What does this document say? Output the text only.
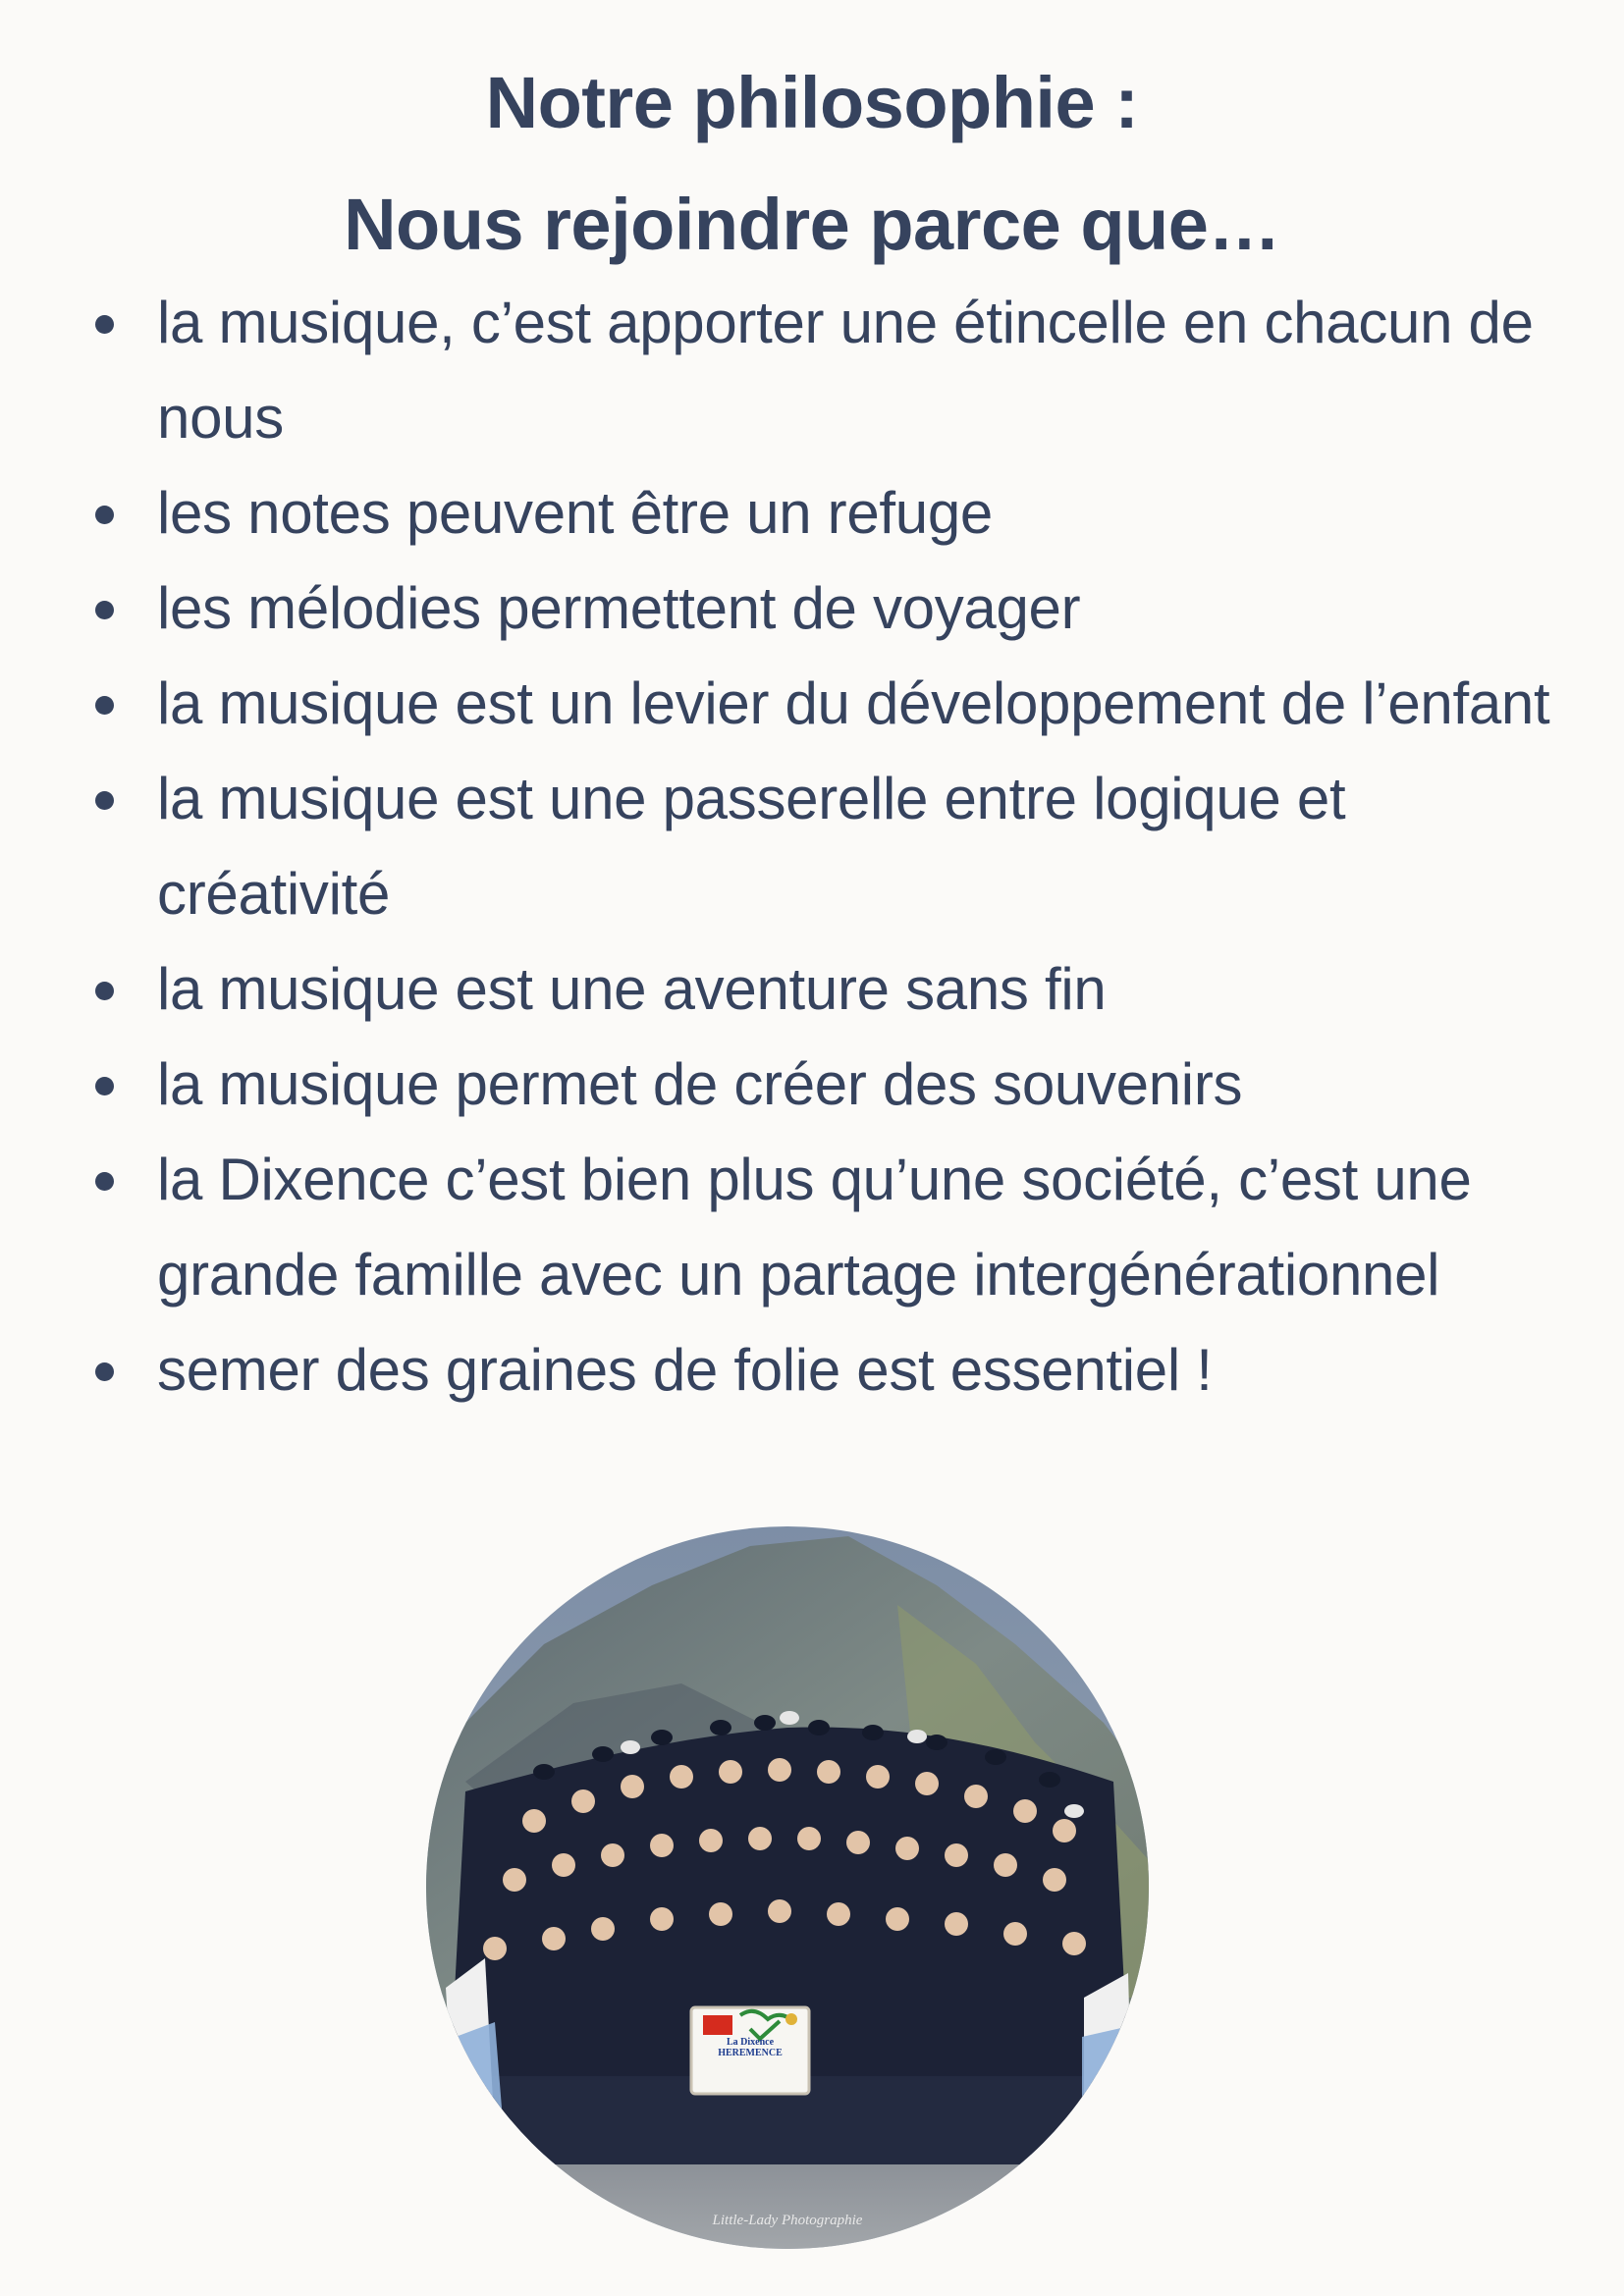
Notre philosophie :
Nous rejoindre parce que…
la musique, c’est apporter une étincelle en chacun de nous
les notes peuvent être un refuge
les mélodies permettent de voyager
la musique est un levier du développement de l’enfant
la musique est une passerelle entre logique et créativité
la musique est une aventure sans fin
la musique permet de créer des souvenirs
la Dixence c’est bien plus qu’une société, c’est une grande famille avec un partage intergénérationnel
semer des graines de folie est essentiel !
La Dixence
HEREMENCE
Little-Lady Photographie
